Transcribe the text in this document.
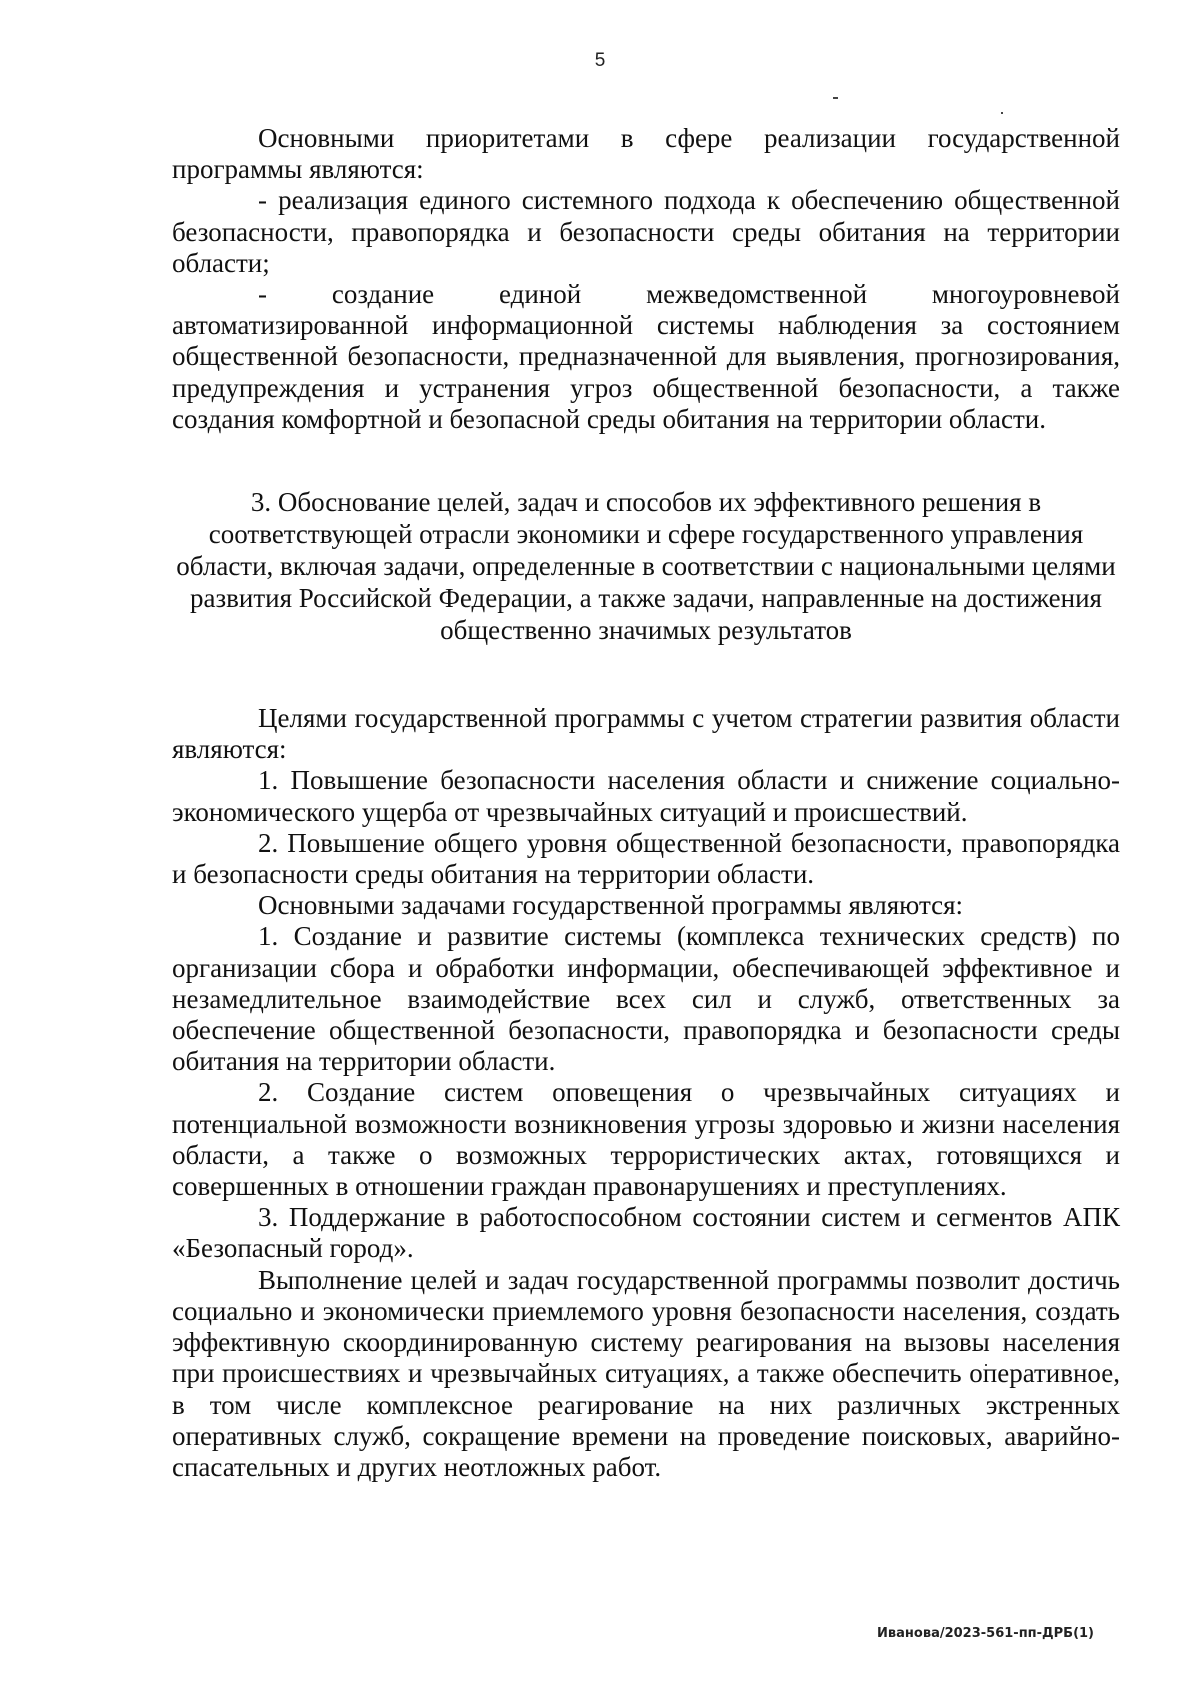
5

Основными приоритетами в сфере реализации государственной программы являются:

- реализация единого системного подхода к обеспечению общественной безопасности, правопорядка и безопасности среды обитания на территории области;

- создание единой межведомственной многоуровневой автоматизированной информационной системы наблюдения за состоянием общественной безопасности, предназначенной для выявления, прогнозирования, предупреждения и устранения угроз общественной безопасности, а также создания комфортной и безопасной среды обитания на территории области.

3. Обоснование целей, задач и способов их эффективного решения в соответствующей отрасли экономики и сфере государственного управления области, включая задачи, определенные в соответствии с национальными целями развития Российской Федерации, а также задачи, направленные на достижения общественно значимых результатов

Целями государственной программы с учетом стратегии развития области являются:

1. Повышение безопасности населения области и снижение социально-экономического ущерба от чрезвычайных ситуаций и происшествий.

2. Повышение общего уровня общественной безопасности, правопорядка и безопасности среды обитания на территории области.

Основными задачами государственной программы являются:

1. Создание и развитие системы (комплекса технических средств) по организации сбора и обработки информации, обеспечивающей эффективное и незамедлительное взаимодействие всех сил и служб, ответственных за обеспечение общественной безопасности, правопорядка и безопасности среды обитания на территории области.

2. Создание систем оповещения о чрезвычайных ситуациях и потенциальной возможности возникновения угрозы здоровью и жизни населения области, а также о возможных террористических актах, готовящихся и совершенных в отношении граждан правонарушениях и преступлениях.

3. Поддержание в работоспособном состоянии систем и сегментов АПК «Безопасный город».

Выполнение целей и задач государственной программы позволит достичь социально и экономически приемлемого уровня безопасности населения, создать эффективную скоординированную систему реагирования на вызовы населения при происшествиях и чрезвычайных ситуациях, а также обеспечить оперативное, в том числе комплексное реагирование на них различных экстренных оперативных служб, сокращение времени на проведение поисковых, аварийно-спасательных и других неотложных работ.

Иванова/2023-561-пп-ДРБ(1)
